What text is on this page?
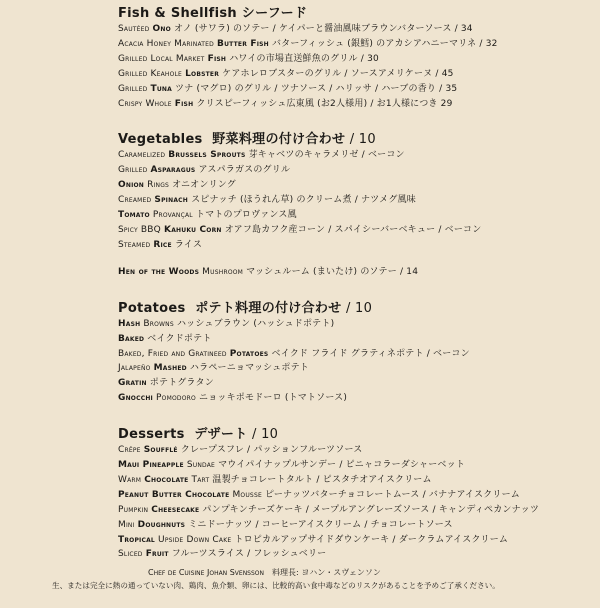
Fish & Shellfish シーフード
Sautéed Ono オノ (サワラ) のソテー / ケイパーと醤油風味ブラウンバターソース / 34
Acacia Honey Marinated Butter Fish バターフィッシュ (銀鱈) のアカシアハニーマリネ / 32
Grilled Local Market Fish ハワイの市場直送鮮魚のグリル / 30
Grilled Keahole Lobster ケアホレロブスターのグリル / ソースアメリケーヌ / 45
Grilled Tuna ツナ (マグロ) のグリル / ツナソース / ハリッサ / ハーブの香り / 35
Crispy Whole Fish クリスピーフィッシュ広東風 (お2人様用) / お1人様につき 29
Vegetables 野菜料理の付け合わせ / 10
Caramelized Brussels Sprouts 芽キャベツのキャラメリゼ / ベーコン
Grilled Asparagus アスパラガスのグリル
Onion Rings オニオンリング
Creamed Spinach スピナッチ (ほうれん草) のクリーム煮 / ナツメグ風味
Tomato Provançal トマトのプロヴァンス風
Spicy BBQ Kahuku Corn オアフ島カフク産コーン / スパイシーバーベキュー / ベーコン
Steamed Rice ライス
Hen of the Woods Mushroom マッシュルーム (まいたけ) のソテー / 14
Potatoes ポテト料理の付け合わせ / 10
Hash Browns ハッシュブラウン (ハッシュドポテト)
Baked ベイクドポテト
Baked, Fried and Gratineed Potatoes ベイクド フライド グラティネポテト / ベーコン
Jalapeño Mashed ハラペーニョマッシュポテト
Gratin ポテトグラタン
Gnocchi Pomodoro ニョッキポモドーロ (トマトソース)
Desserts デザート / 10
Crêpe Soufflé クレープスフレ / パッションフルーツソース
Maui Pineapple Sundae マウイパイナップルサンデー / ピニャコラーダシャーベット
Warm Chocolate Tart 温製チョコレートタルト / ピスタチオアイスクリーム
Peanut Butter Chocolate Mousse ピーナッツバターチョコレートムース / バナナアイスクリーム
Pumpkin Cheesecake パンプキンチーズケーキ / メープルアングレーズソース / キャンディペカンナッツ
Mini Doughnuts ミニドーナッツ / コーヒーアイスクリーム / チョコレートソース
Tropical Upside Down Cake トロピカルアップサイドダウンケーキ / ダークラムアイスクリーム
Sliced Fruit フルーツスライス / フレッシュベリー
Chef de Cuisine Johan Svensson　料理長: ヨハン・スヴェンソン
生、または完全に熱の通っていない肉、鶏肉、魚介類、卵には、比較的高い食中毒などのリスクがあることを予めご了承ください。
